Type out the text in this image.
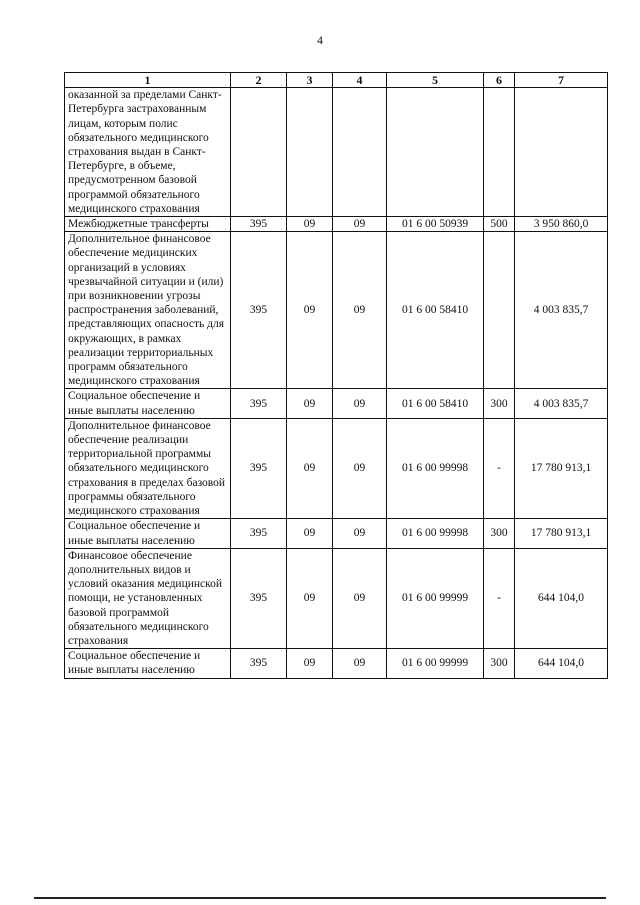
4
1	2	3	4	5	6	7
оказанной за пределами Санкт-Петербурга застрахованным лицам, которым полис обязательного медицинского страхования выдан в Санкт-Петербурге, в объеме, предусмотренном базовой программой обязательного медицинского страхования						
Межбюджетные трансферты	395	09	09	01 6 00 50939	500	3 950 860,0
Дополнительное финансовое обеспечение медицинских организаций в условиях чрезвычайной ситуации и (или) при возникновении угрозы распространения заболеваний, представляющих опасность для окружающих, в рамках реализации территориальных программ обязательного медицинского страхования	395	09	09	01 6 00 58410		4 003 835,7
Социальное обеспечение и иные выплаты населению	395	09	09	01 6 00 58410	300	4 003 835,7
Дополнительное финансовое обеспечение реализации территориальной программы обязательного медицинского страхования в пределах базовой программы обязательного медицинского страхования	395	09	09	01 6 00 99998	-	17 780 913,1
Социальное обеспечение и иные выплаты населению	395	09	09	01 6 00 99998	300	17 780 913,1
Финансовое обеспечение дополнительных видов и условий оказания медицинской помощи, не установленных базовой программой обязательного медицинского страхования	395	09	09	01 6 00 99999	-	644 104,0
Социальное обеспечение и иные выплаты населению	395	09	09	01 6 00 99999	300	644 104,0
